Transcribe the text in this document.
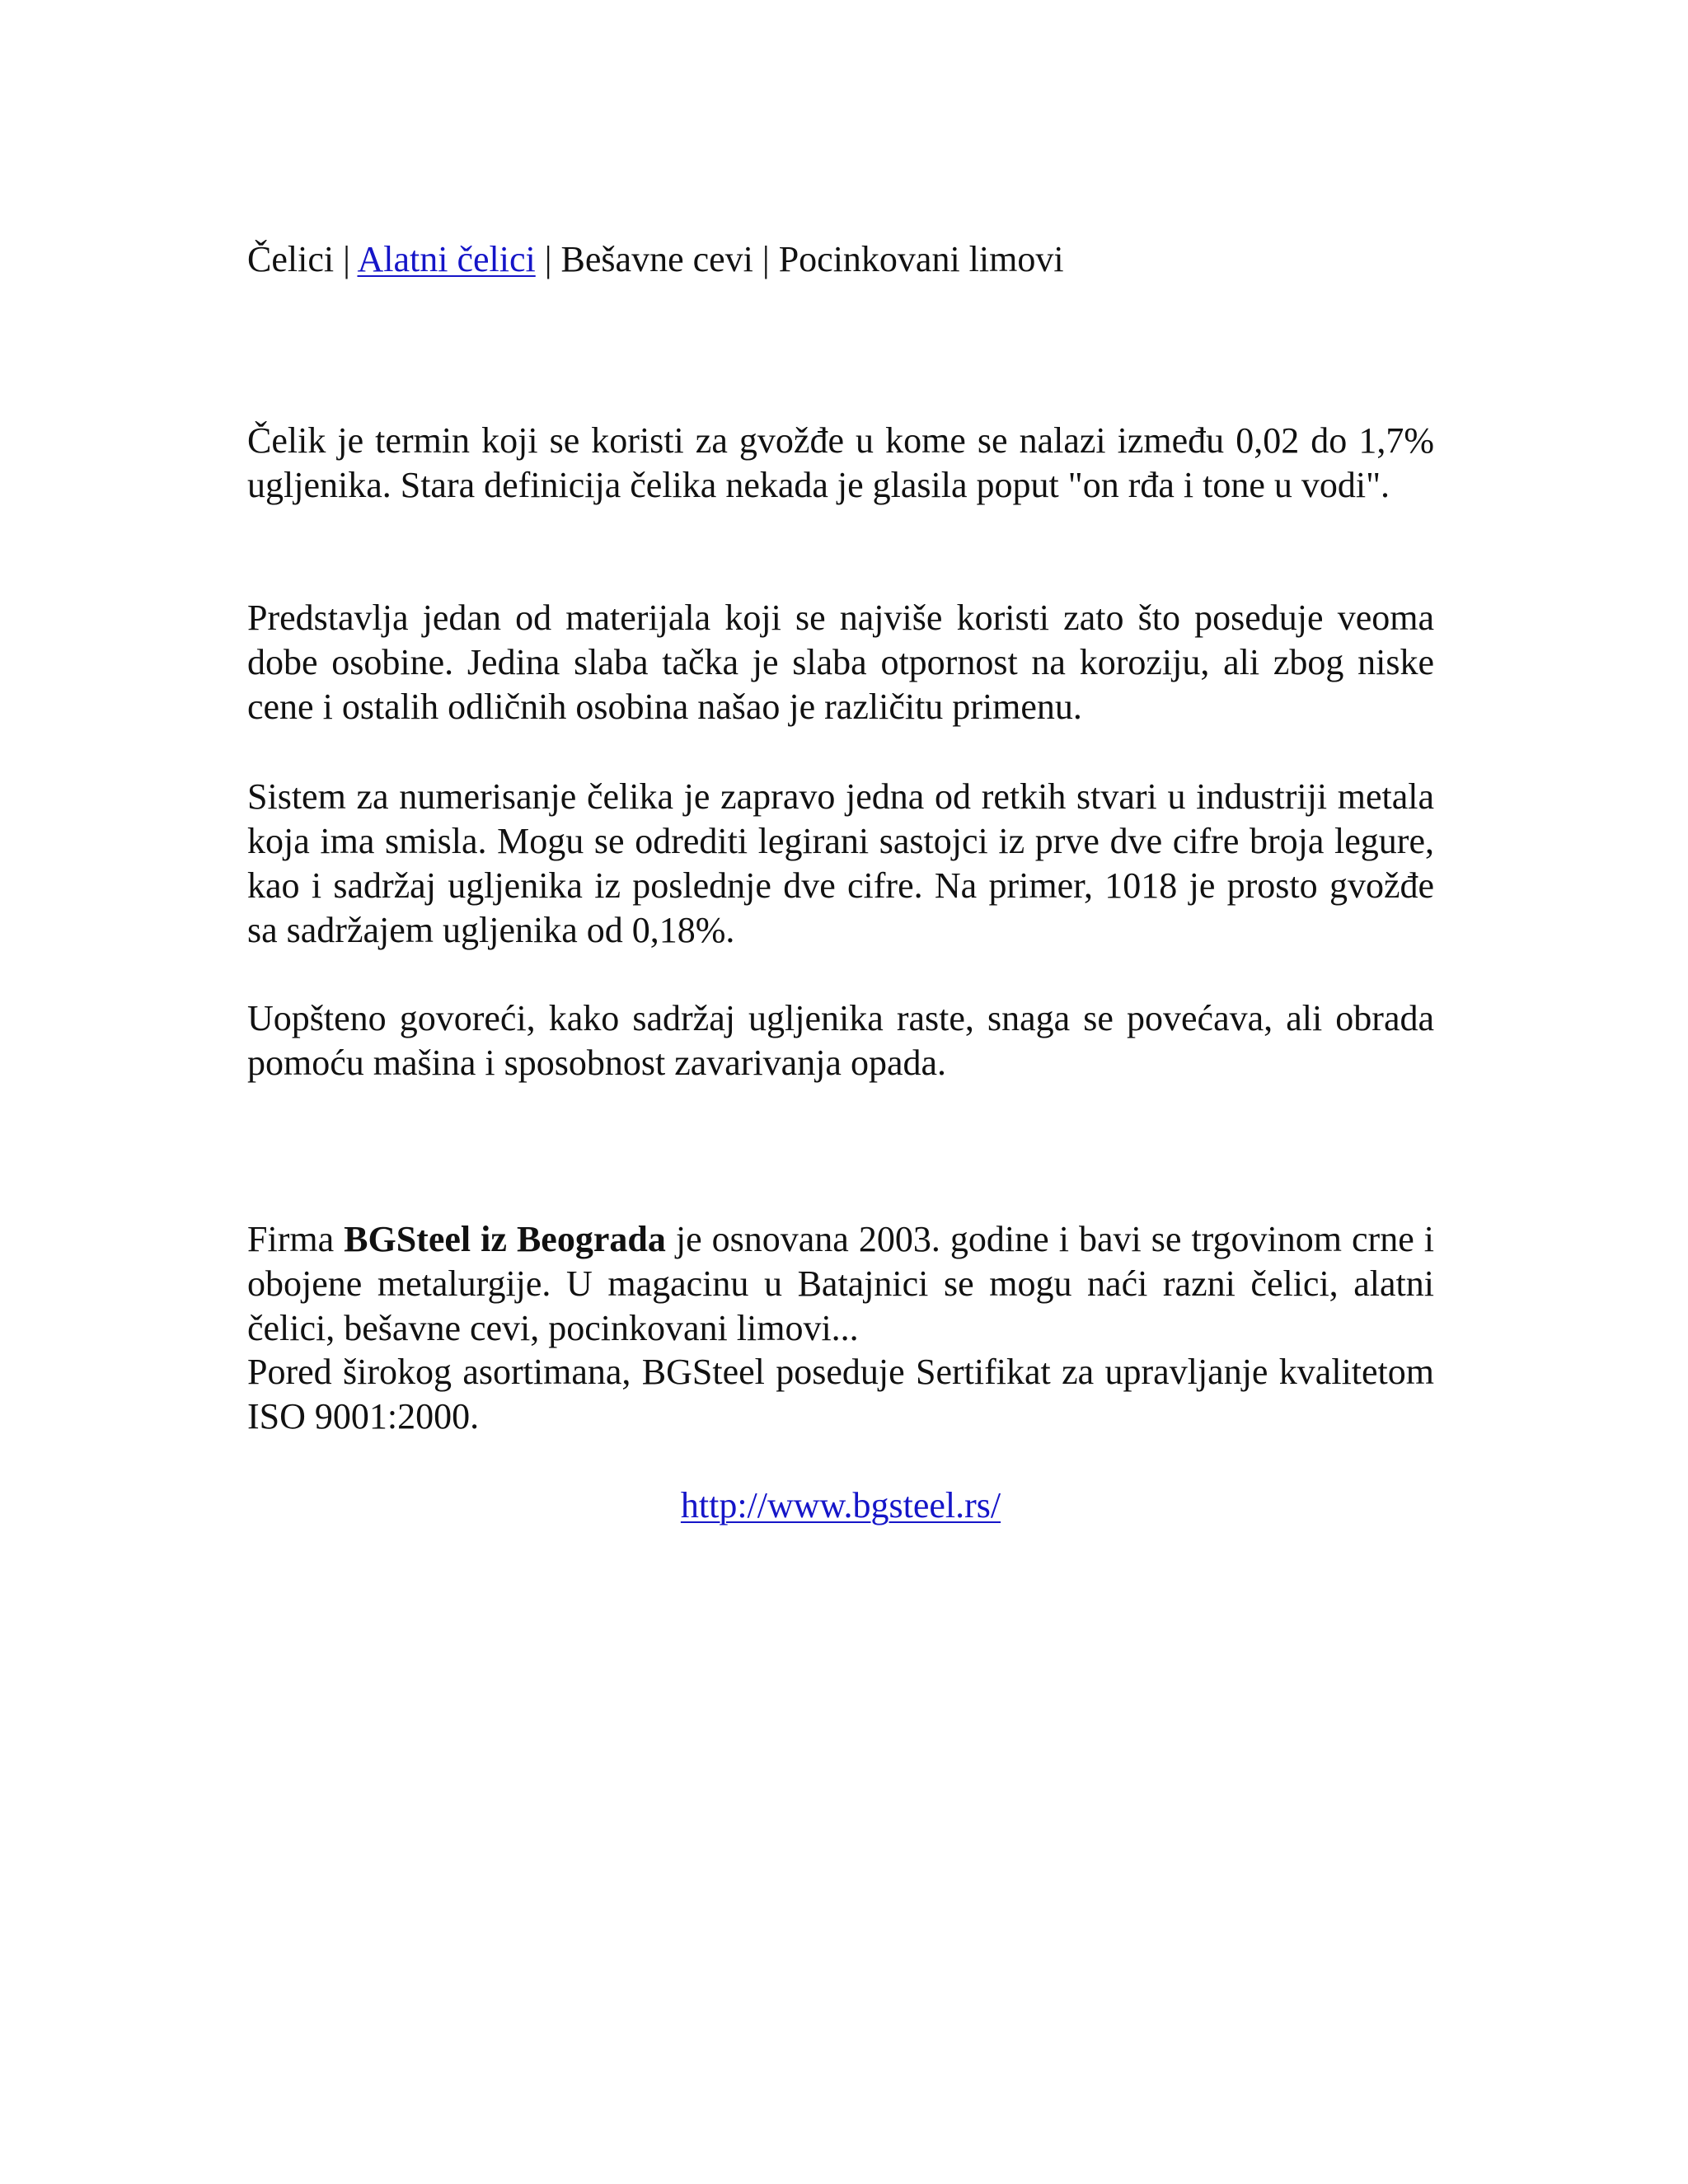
Čelici | Alatni čelici | Bešavne cevi | Pocinkovani limovi

Čelik je termin koji se koristi za gvožđe u kome se nalazi između 0,02 do 1,7% ugljenika. Stara definicija čelika nekada je glasila poput "on rđa i tone u vodi".

Predstavlja jedan od materijala koji se najviše koristi zato što poseduje veoma dobe osobine. Jedina slaba tačka je slaba otpornost na koroziju, ali zbog niske cene i ostalih odličnih osobina našao je različitu primenu.

Sistem za numerisanje čelika je zapravo jedna od retkih stvari u industriji metala koja ima smisla. Mogu se odrediti legirani sastojci iz prve dve cifre broja legure, kao i sadržaj ugljenika iz poslednje dve cifre. Na primer, 1018 je prosto gvožđe sa sadržajem ugljenika od 0,18%.

Uopšteno govoreći, kako sadržaj ugljenika raste, snaga se povećava, ali obrada pomoću mašina i sposobnost zavarivanja opada.

Firma BGSteel iz Beograda je osnovana 2003. godine i bavi se trgovinom crne i obojene metalurgije. U magacinu u Batajnici se mogu naći razni čelici, alatni čelici, bešavne cevi, pocinkovani limovi...

Pored širokog asortimana, BGSteel poseduje Sertifikat za upravljanje kvalitetom ISO 9001:2000.

http://www.bgsteel.rs/
